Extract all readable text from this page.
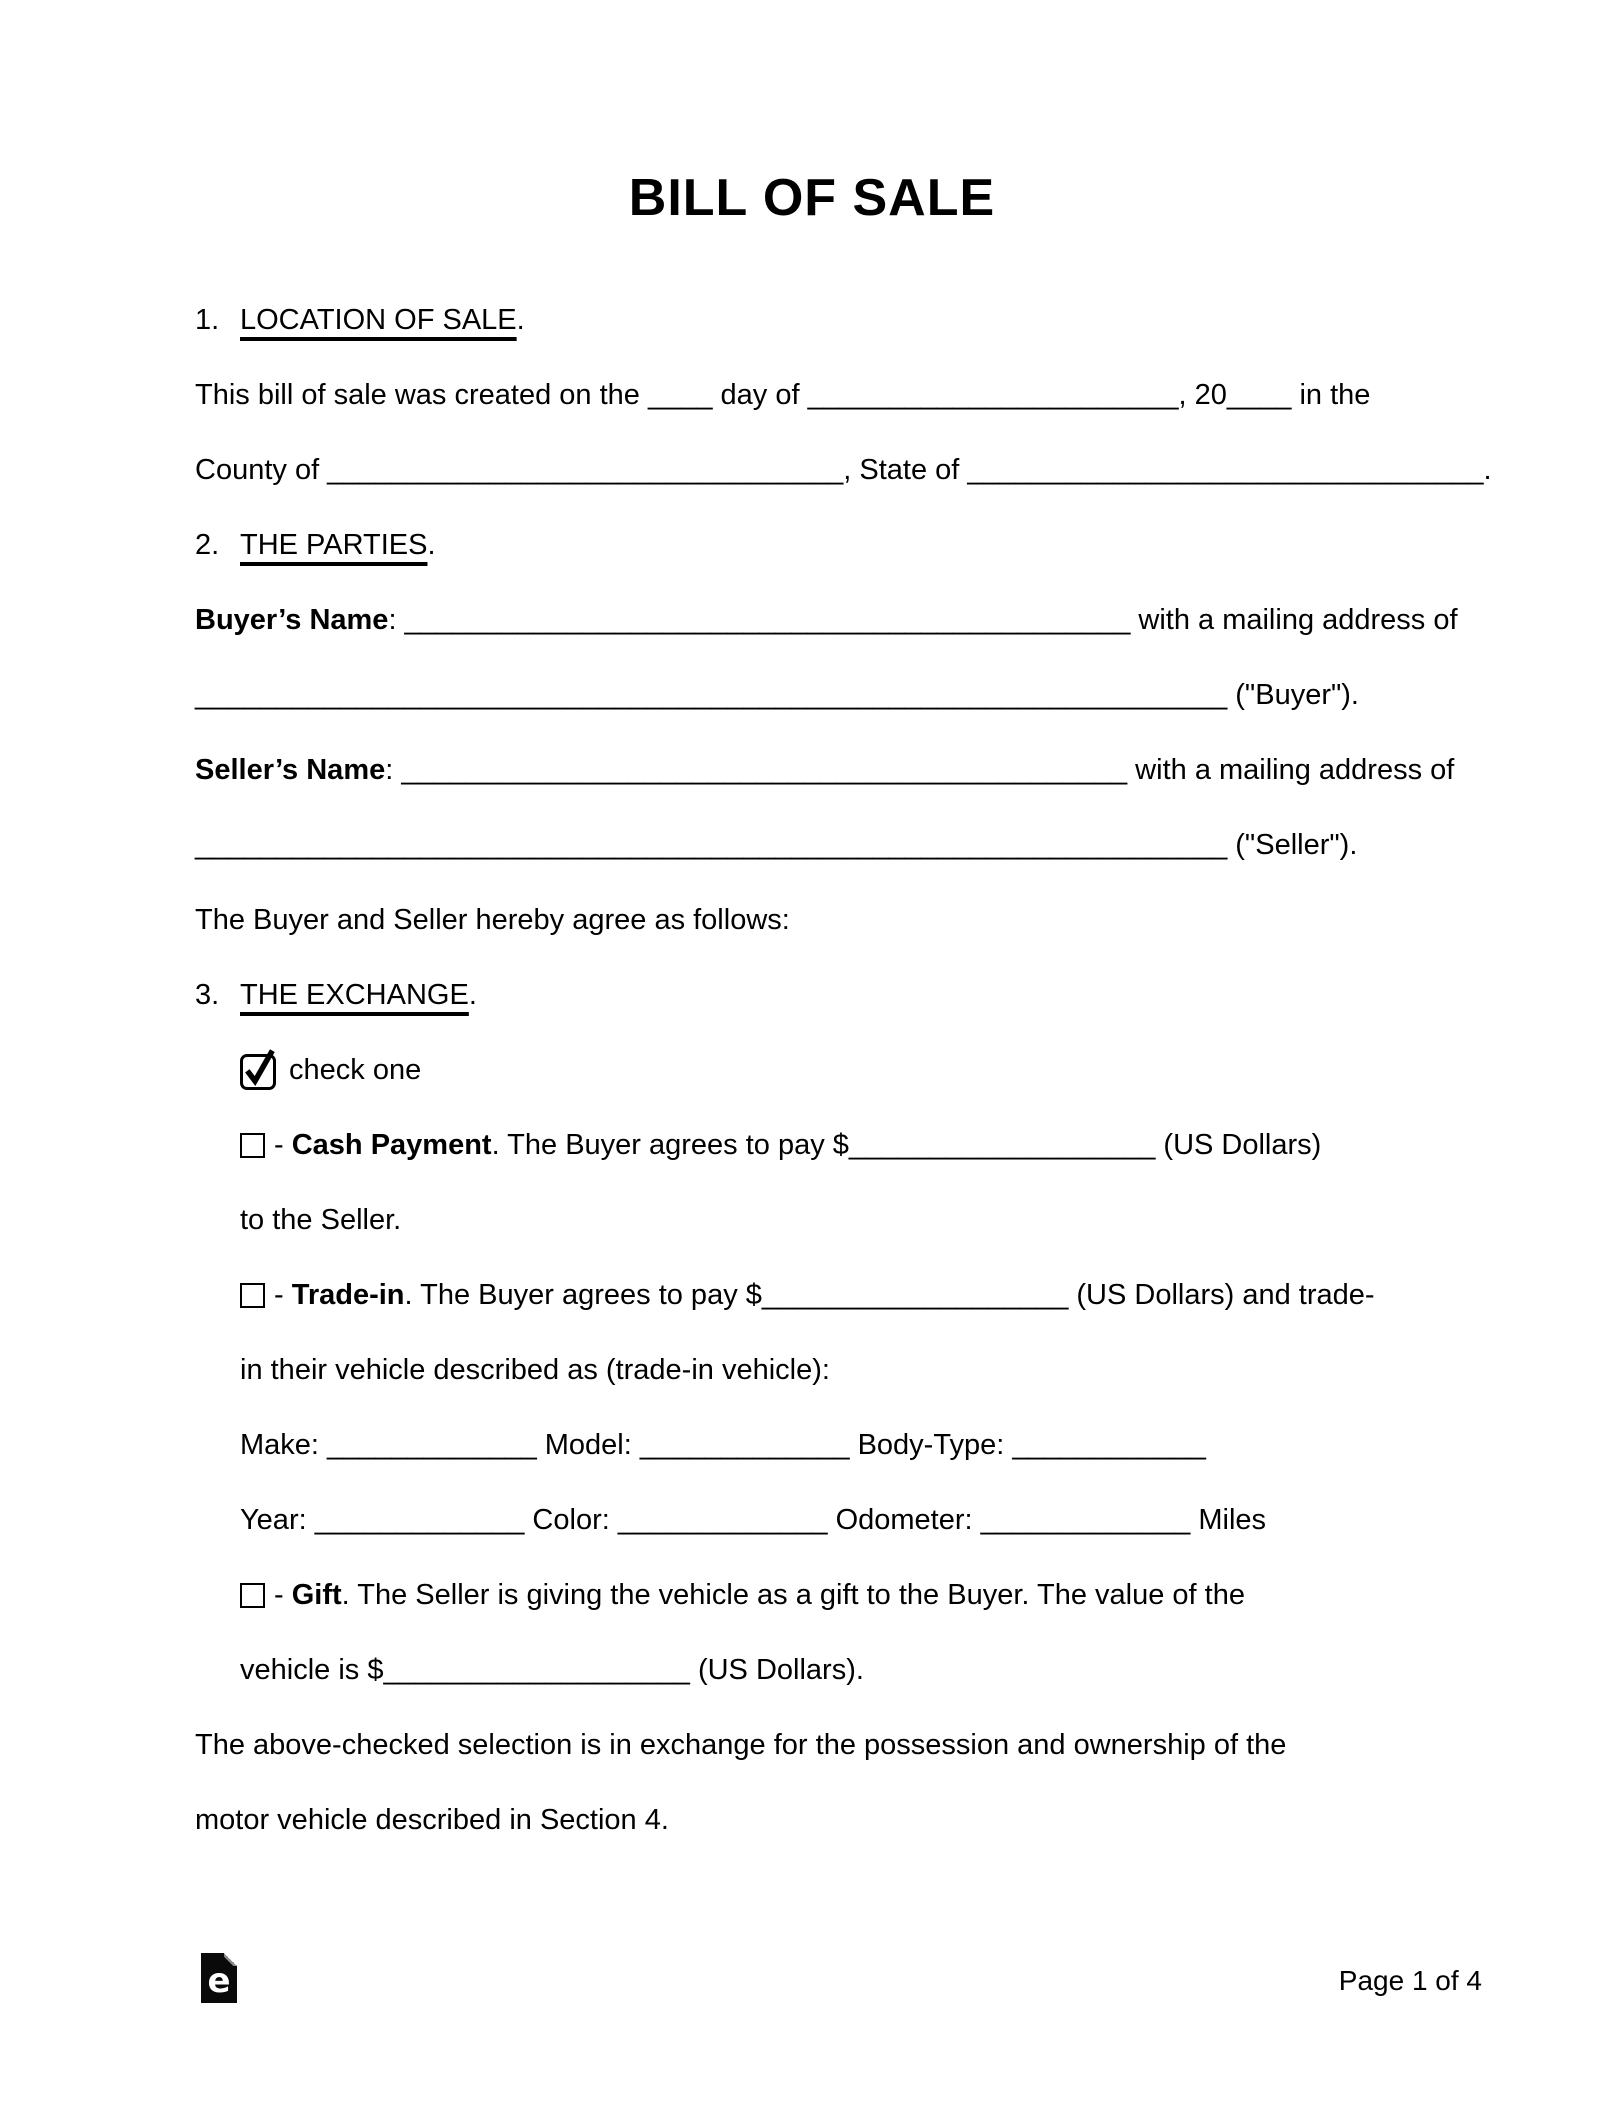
BILL OF SALE
1. LOCATION OF SALE.
This bill of sale was created on the ____ day of _______________________, 20____ in the
County of ________________________________, State of ________________________________.
2. THE PARTIES.
Buyer’s Name: _____________________________________________ with a mailing address of
________________________________________________________________ ("Buyer").
Seller’s Name: _____________________________________________ with a mailing address of
________________________________________________________________ ("Seller").
The Buyer and Seller hereby agree as follows:
3. THE EXCHANGE.
check one
- Cash Payment. The Buyer agrees to pay $___________________ (US Dollars)
to the Seller.
- Trade-in. The Buyer agrees to pay $___________________ (US Dollars) and trade-
in their vehicle described as (trade-in vehicle):
Make: _____________ Model: _____________ Body-Type: ____________
Year: _____________ Color: _____________ Odometer: _____________ Miles
- Gift. The Seller is giving the vehicle as a gift to the Buyer. The value of the
vehicle is $___________________ (US Dollars).
The above-checked selection is in exchange for the possession and ownership of the
motor vehicle described in Section 4.
e	Page 1 of 4
